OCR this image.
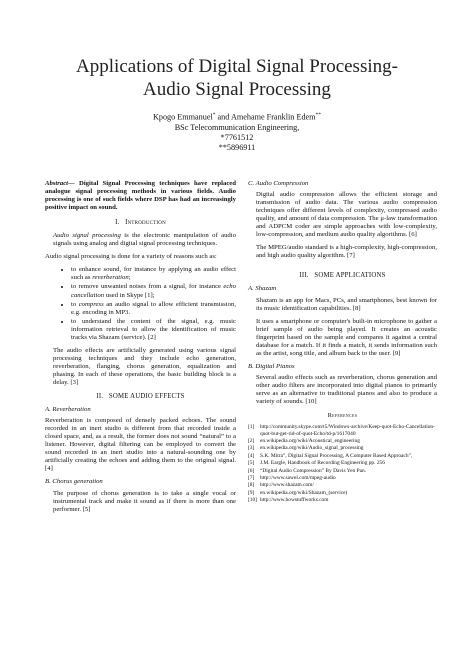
Applications of Digital Signal Processing-
Audio Signal Processing
Kpogo Emmanuel* and Amehame Franklin Edem**
BSc Telecommunication Engineering,
*7761512
**5896911

Abstract— Digital Signal Processing techniques have replaced analogue signal processing methods in various fields. Audio processing is one of such fields where DSP has had an increasingly positive impact on sound.

I. Introduction

Audio signal processing is the electronic manipulation of audio signals using analog and digital signal processing techniques.

Audio signal processing is done for a variety of reasons such as:

• to enhance sound, for instance by applying an audio effect such as reverberation;
• to remove unwanted noises from a signal, for instance echo cancellation used in Skype [1];
• to compress an audio signal to allow efficient transmission, e.g. encoding in MP3.
• to understand the content of the signal, e.g. music information retrieval to allow the identification of music tracks via Shazam (service). [2]

The audio effects are artificially generated using various signal processing techniques and they include echo generation, reverberation, flanging, chorus generation, equalization and phasing. In each of these operations, the basic building block is a delay. [3]

II. SOME AUDIO EFFECTS
A. Reverberation

Reverberation is composed of densely packed echoes. The sound recorded in an inert studio is different from that recorded inside a closed space, and, as a result, the former does not sound “natural” to a listener. However, digital filtering can be employed to convert the sound recorded in an inert studio into a natural-sounding one by artificially creating the echoes and adding them to the original signal. [4]

B. Chorus generation

The purpose of chorus generation is to take a single vocal or instrumental track and make it sound as if there is more than one performer. [5]

C. Audio Compression

Digital audio compression allows the efficient storage and transmission of audio data. The various audio compression techniques offer different levels of complexity, compressed audio quality, and amount of data compression. The μ-law transformation and ADPCM coder are simple approaches with low-complexity, low-compression, and medium audio quality algorithms. [6]

The MPEG/audio standard is a high-complexity, high-compression, and high audio quality algorithm. [7]

III. SOME APPLICATIONS
A. Shazam

Shazam is an app for Macs, PCs, and smartphones, best known for its music identification capabilities. [8]

It uses a smartphone or computer's built-in microphone to gather a brief sample of audio being played. It creates an acoustic fingerprint based on the sample and compares it against a central database for a match. If it finds a match, it sends information such as the artist, song title, and album back to the user. [9]

B. Digital Pianos

Several audio effects such as reverberation, chorus generation and other audio filters are incorporated into digital pianos to primarily serve as an alternative to traditional pianos and also to produce a variety of sounds. [10]

References
[1]	http://community.skype.com/t5/Windows-archive/Keep-quot-Echo-Cancellation-quot-but-get-rid-of-quot-Echo/td-p/1617040
[2]	en.wikipedia.org/wiki/Acoustical_engineering
[3]	en.wikipedia.org/wiki/Audio_signal_processing
[4]	S.K. Mitra”, Digital Signal Processing, A Computer Based Approach”,
[5]	J.M. Eargle, Handbook of Recording Engineering pp. 256
[6]	“Digital Audio Compression” By Davis Yen Pan.
[7]	http://www.sawel.com/mpeg-audio
[8]	http://www.shazam.com/
[9]	en.wikipedia.org/wiki/Shazam_(service)
[10] http://www.howstuffworks.com
